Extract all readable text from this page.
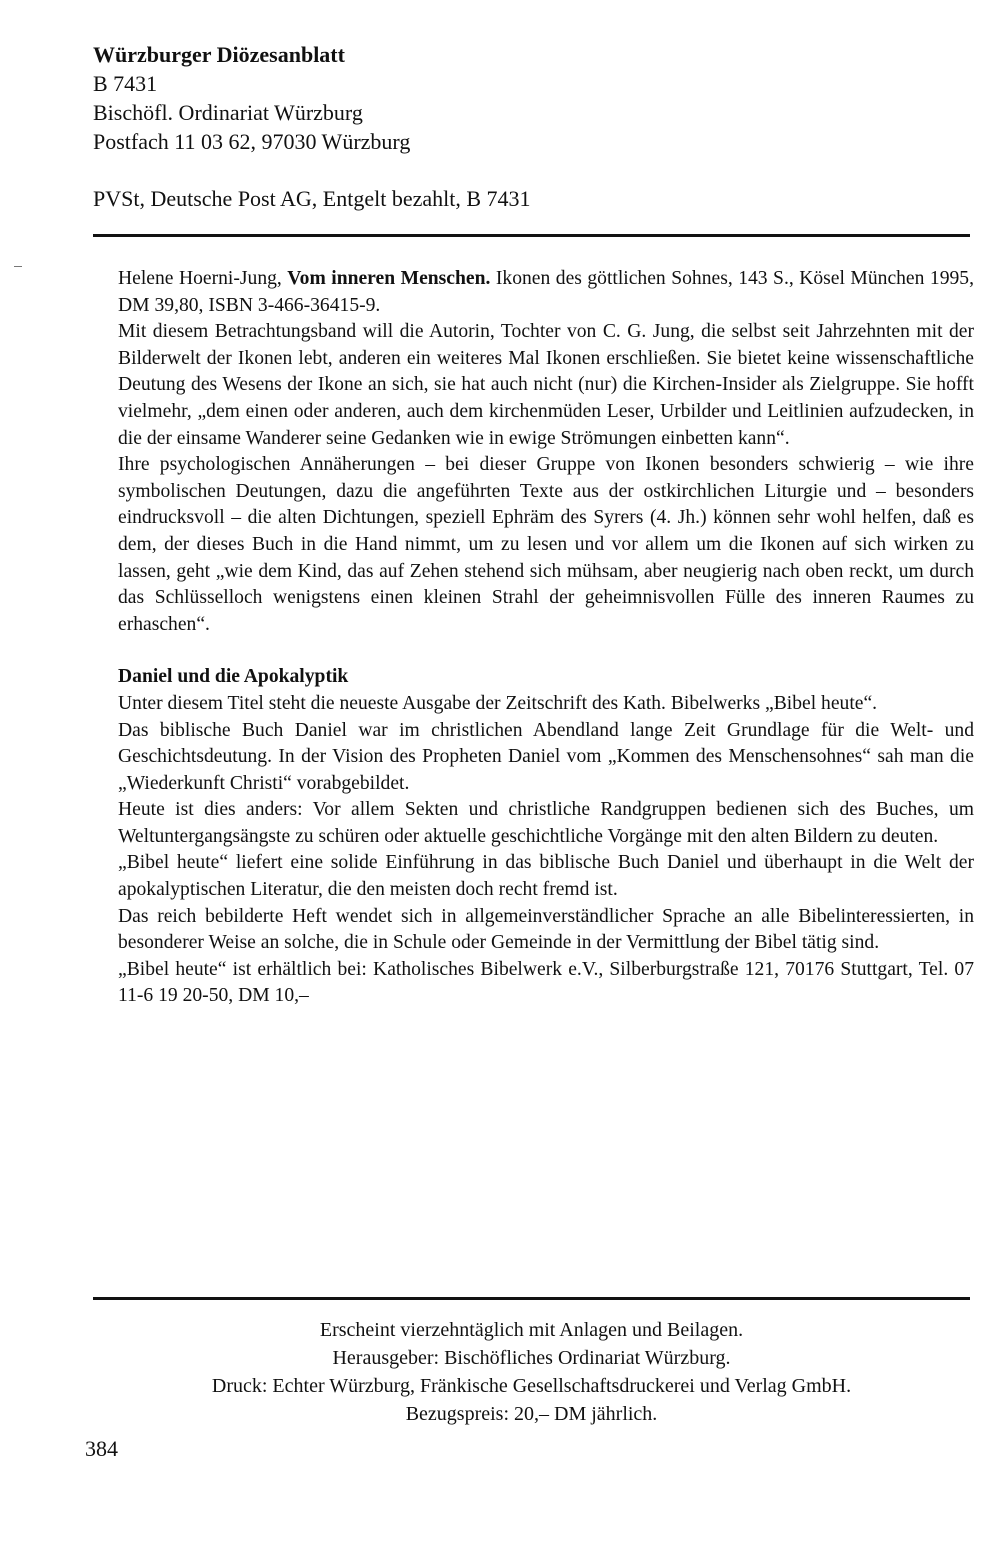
Würzburger Diözesanblatt
B 7431
Bischöfl. Ordinariat Würzburg
Postfach 11 03 62, 97030 Würzburg
PVSt, Deutsche Post AG, Entgelt bezahlt, B 7431

Helene Hoerni-Jung, Vom inneren Menschen. Ikonen des göttlichen Sohnes, 143 S., Kösel München 1995, DM 39,80, ISBN 3-466-36415-9.

Mit diesem Betrachtungsband will die Autorin, Tochter von C. G. Jung, die selbst seit Jahrzehnten mit der Bilderwelt der Ikonen lebt, anderen ein weiteres Mal Ikonen erschließen. Sie bietet keine wissenschaftliche Deutung des Wesens der Ikone an sich, sie hat auch nicht (nur) die Kirchen-Insider als Zielgruppe. Sie hofft vielmehr, „dem einen oder anderen, auch dem kirchenmüden Leser, Urbilder und Leitlinien aufzudecken, in die der einsame Wanderer seine Gedanken wie in ewige Strömungen einbetten kann“.

Ihre psychologischen Annäherungen – bei dieser Gruppe von Ikonen besonders schwierig – wie ihre symbolischen Deutungen, dazu die angeführten Texte aus der ostkirchlichen Liturgie und – besonders eindrucksvoll – die alten Dichtungen, speziell Ephräm des Syrers (4. Jh.) können sehr wohl helfen, daß es dem, der dieses Buch in die Hand nimmt, um zu lesen und vor allem um die Ikonen auf sich wirken zu lassen, geht „wie dem Kind, das auf Zehen stehend sich mühsam, aber neugierig nach oben reckt, um durch das Schlüsselloch wenigstens einen kleinen Strahl der geheimnisvollen Fülle des inneren Raumes zu erhaschen“.

Daniel und die Apokalyptik

Unter diesem Titel steht die neueste Ausgabe der Zeitschrift des Kath. Bibelwerks „Bibel heute“.

Das biblische Buch Daniel war im christlichen Abendland lange Zeit Grundlage für die Welt- und Geschichtsdeutung. In der Vision des Propheten Daniel vom „Kommen des Menschensohnes“ sah man die „Wiederkunft Christi“ vorabgebildet.

Heute ist dies anders: Vor allem Sekten und christliche Randgruppen bedienen sich des Buches, um Weltuntergangsängste zu schüren oder aktuelle geschichtliche Vorgänge mit den alten Bildern zu deuten.

„Bibel heute“ liefert eine solide Einführung in das biblische Buch Daniel und überhaupt in die Welt der apokalyptischen Literatur, die den meisten doch recht fremd ist.

Das reich bebilderte Heft wendet sich in allgemeinverständlicher Sprache an alle Bibelinteressierten, in besonderer Weise an solche, die in Schule oder Gemeinde in der Vermittlung der Bibel tätig sind.

„Bibel heute“ ist erhältlich bei: Katholisches Bibelwerk e.V., Silberburgstraße 121, 70176 Stuttgart, Tel. 07 11-6 19 20-50, DM 10,–

Erscheint vierzehntäglich mit Anlagen und Beilagen.
Herausgeber: Bischöfliches Ordinariat Würzburg.
Druck: Echter Würzburg, Fränkische Gesellschaftsdruckerei und Verlag GmbH.
Bezugspreis: 20,– DM jährlich.
384
